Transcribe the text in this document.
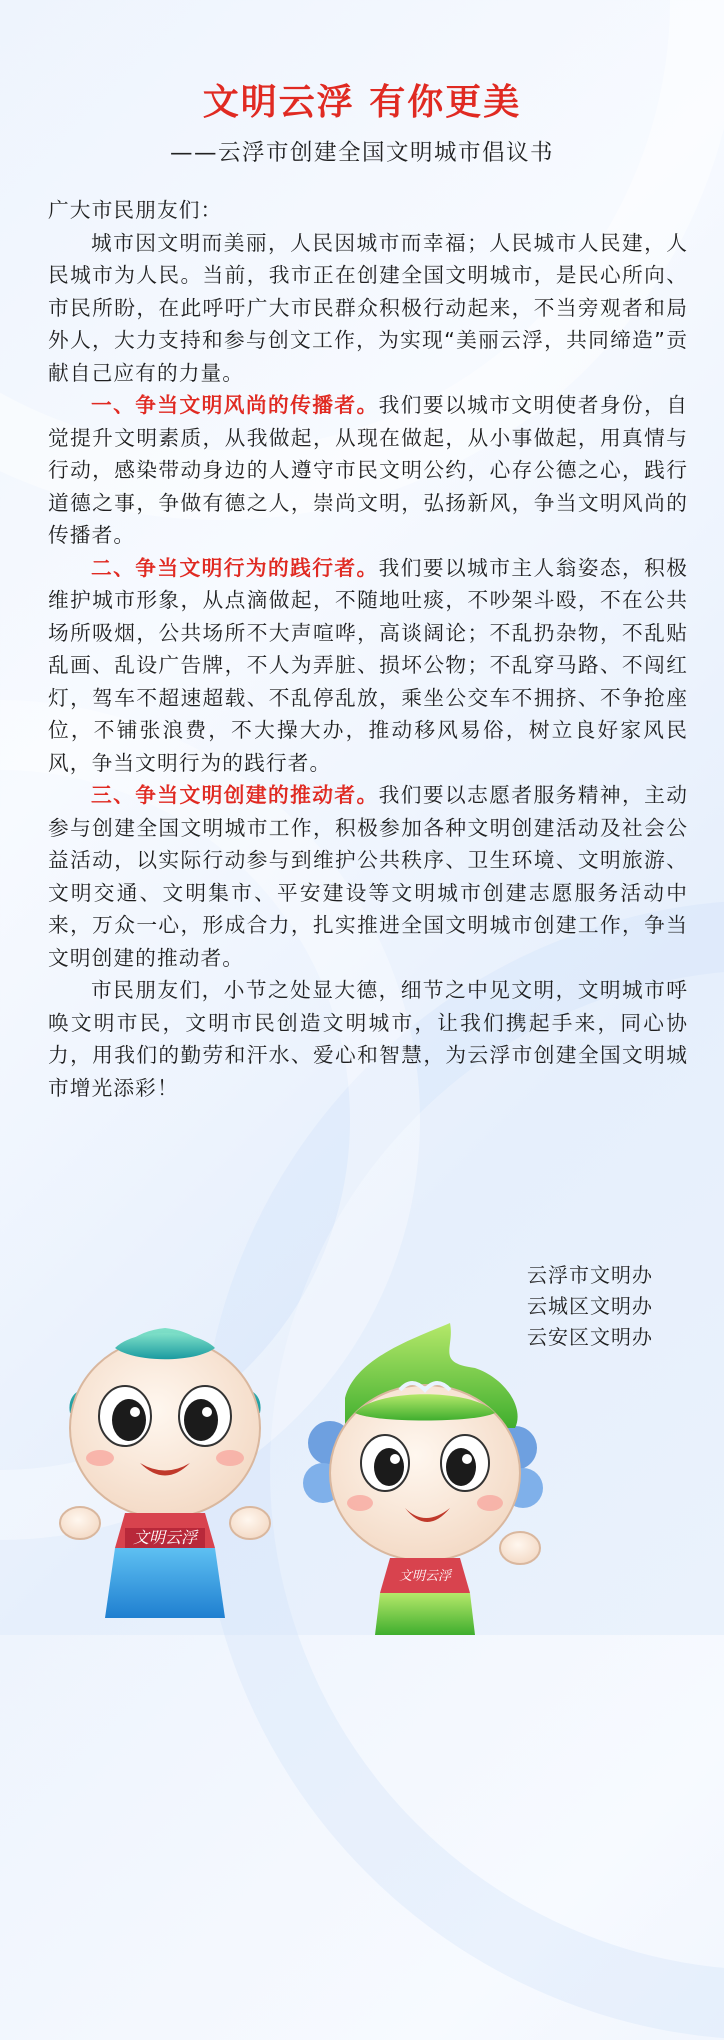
文明云浮 有你更美
——云浮市创建全国文明城市倡议书

广大市民朋友们：

城市因文明而美丽，人民因城市而幸福；人民城市人民建，人民城市为人民。当前，我市正在创建全国文明城市，是民心所向、市民所盼，在此呼吁广大市民群众积极行动起来，不当旁观者和局外人，大力支持和参与创文工作，为实现“美丽云浮，共同缔造”贡献自己应有的力量。

一、争当文明风尚的传播者。我们要以城市文明使者身份，自觉提升文明素质，从我做起，从现在做起，从小事做起，用真情与行动，感染带动身边的人遵守市民文明公约，心存公德之心，践行道德之事，争做有德之人，崇尚文明，弘扬新风，争当文明风尚的传播者。

二、争当文明行为的践行者。我们要以城市主人翁姿态，积极维护城市形象，从点滴做起，不随地吐痰，不吵架斗殴，不在公共场所吸烟，公共场所不大声喧哗，高谈阔论；不乱扔杂物，不乱贴乱画、乱设广告牌，不人为弄脏、损坏公物；不乱穿马路、不闯红灯，驾车不超速超载、不乱停乱放，乘坐公交车不拥挤、不争抢座位，不铺张浪费，不大操大办，推动移风易俗，树立良好家风民风，争当文明行为的践行者。

三、争当文明创建的推动者。我们要以志愿者服务精神，主动参与创建全国文明城市工作，积极参加各种文明创建活动及社会公益活动，以实际行动参与到维护公共秩序、卫生环境、文明旅游、文明交通、文明集市、平安建设等文明城市创建志愿服务活动中来，万众一心，形成合力，扎实推进全国文明城市创建工作，争当文明创建的推动者。

市民朋友们，小节之处显大德，细节之中见文明，文明城市呼唤文明市民，文明市民创造文明城市，让我们携起手来，同心协力，用我们的勤劳和汗水、爱心和智慧，为云浮市创建全国文明城市增光添彩！

云浮市文明办
云城区文明办
云安区文明办
文明云浮
文明云浮
